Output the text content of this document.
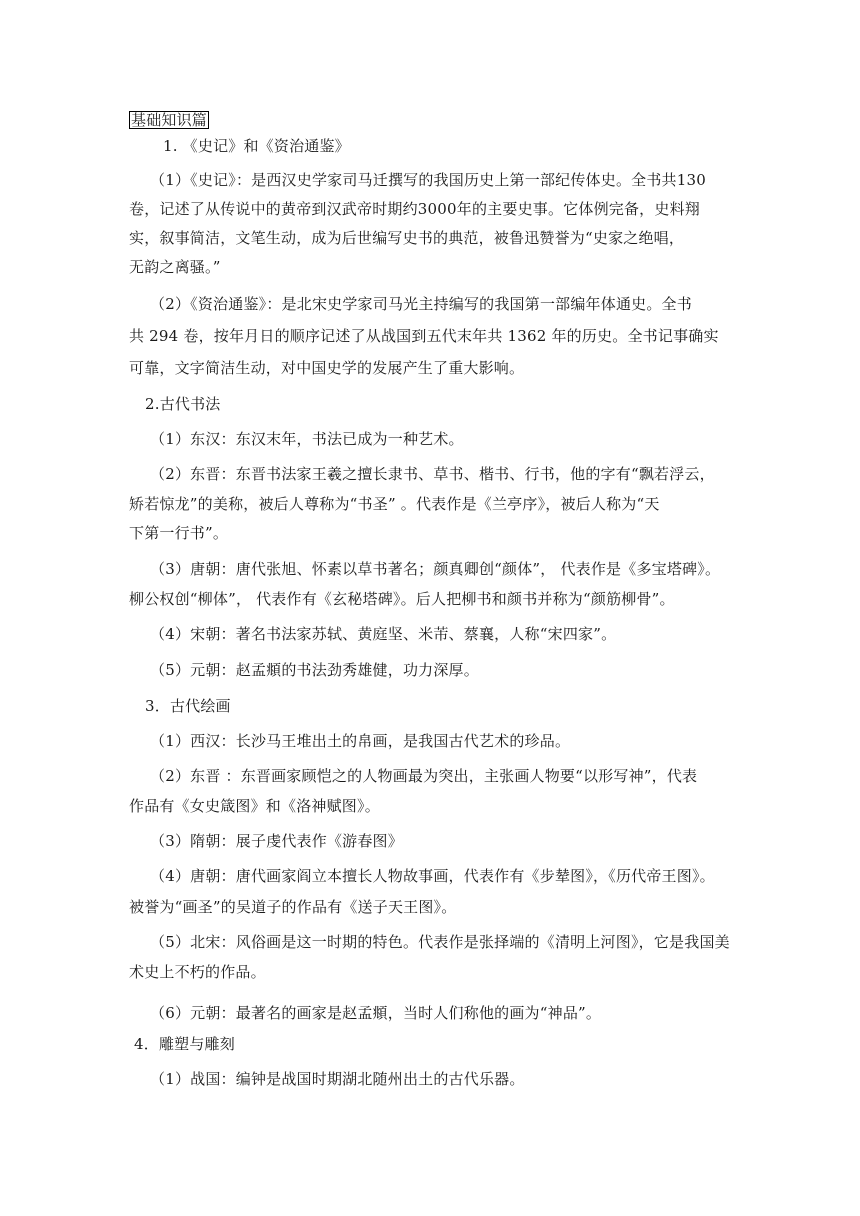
基础知识篇
1. 《史记》和《资治通鉴》
（1）《史记》：是西汉史学家司马迁撰写的我国历史上第一部纪传体史。全书共130
卷，记述了从传说中的黄帝到汉武帝时期约3000年的主要史事。它体例完备，史料翔
实，叙事简洁，文笔生动，成为后世编写史书的典范，被鲁迅赞誉为“史家之绝唱，
无韵之离骚。”
（2）《资治通鉴》：是北宋史学家司马光主持编写的我国第一部编年体通史。全书
共 294 卷，按年月日的顺序记述了从战国到五代末年共 1362 年的历史。全书记事确实
可靠，文字简洁生动，对中国史学的发展产生了重大影响。
2.古代书法
（1）东汉：东汉末年，书法已成为一种艺术。
（2）东晋：东晋书法家王羲之擅长隶书、草书、楷书、行书，他的字有“飘若浮云，
矫若惊龙”的美称，被后人尊称为“书圣” 。代表作是《兰亭序》，被后人称为“天
下第一行书”。
（3）唐朝：唐代张旭、怀素以草书著名；颜真卿创“颜体”， 代表作是《多宝塔碑》。
柳公权创“柳体”， 代表作有《玄秘塔碑》。后人把柳书和颜书并称为“颜筋柳骨”。
（4）宋朝：著名书法家苏轼、黄庭坚、米芾、蔡襄，人称“宋四家”。
（5）元朝：赵孟頫的书法劲秀雄健，功力深厚。
3．古代绘画
（1）西汉：长沙马王堆出土的帛画，是我国古代艺术的珍品。
（2）东晋 ：东晋画家顾恺之的人物画最为突出，主张画人物要“以形写神”，代表
作品有《女史箴图》和《洛神赋图》。
（3）隋朝：展子虔代表作《游春图》
（4）唐朝：唐代画家阎立本擅长人物故事画，代表作有《步辇图》，《历代帝王图》。
被誉为“画圣”的吴道子的作品有《送子天王图》。
（5）北宋：风俗画是这一时期的特色。代表作是张择端的《清明上河图》，它是我国美
术史上不朽的作品。
（6）元朝：最著名的画家是赵孟頫，当时人们称他的画为“神品”。
4．雕塑与雕刻
（1）战国：编钟是战国时期湖北随州出土的古代乐器。
